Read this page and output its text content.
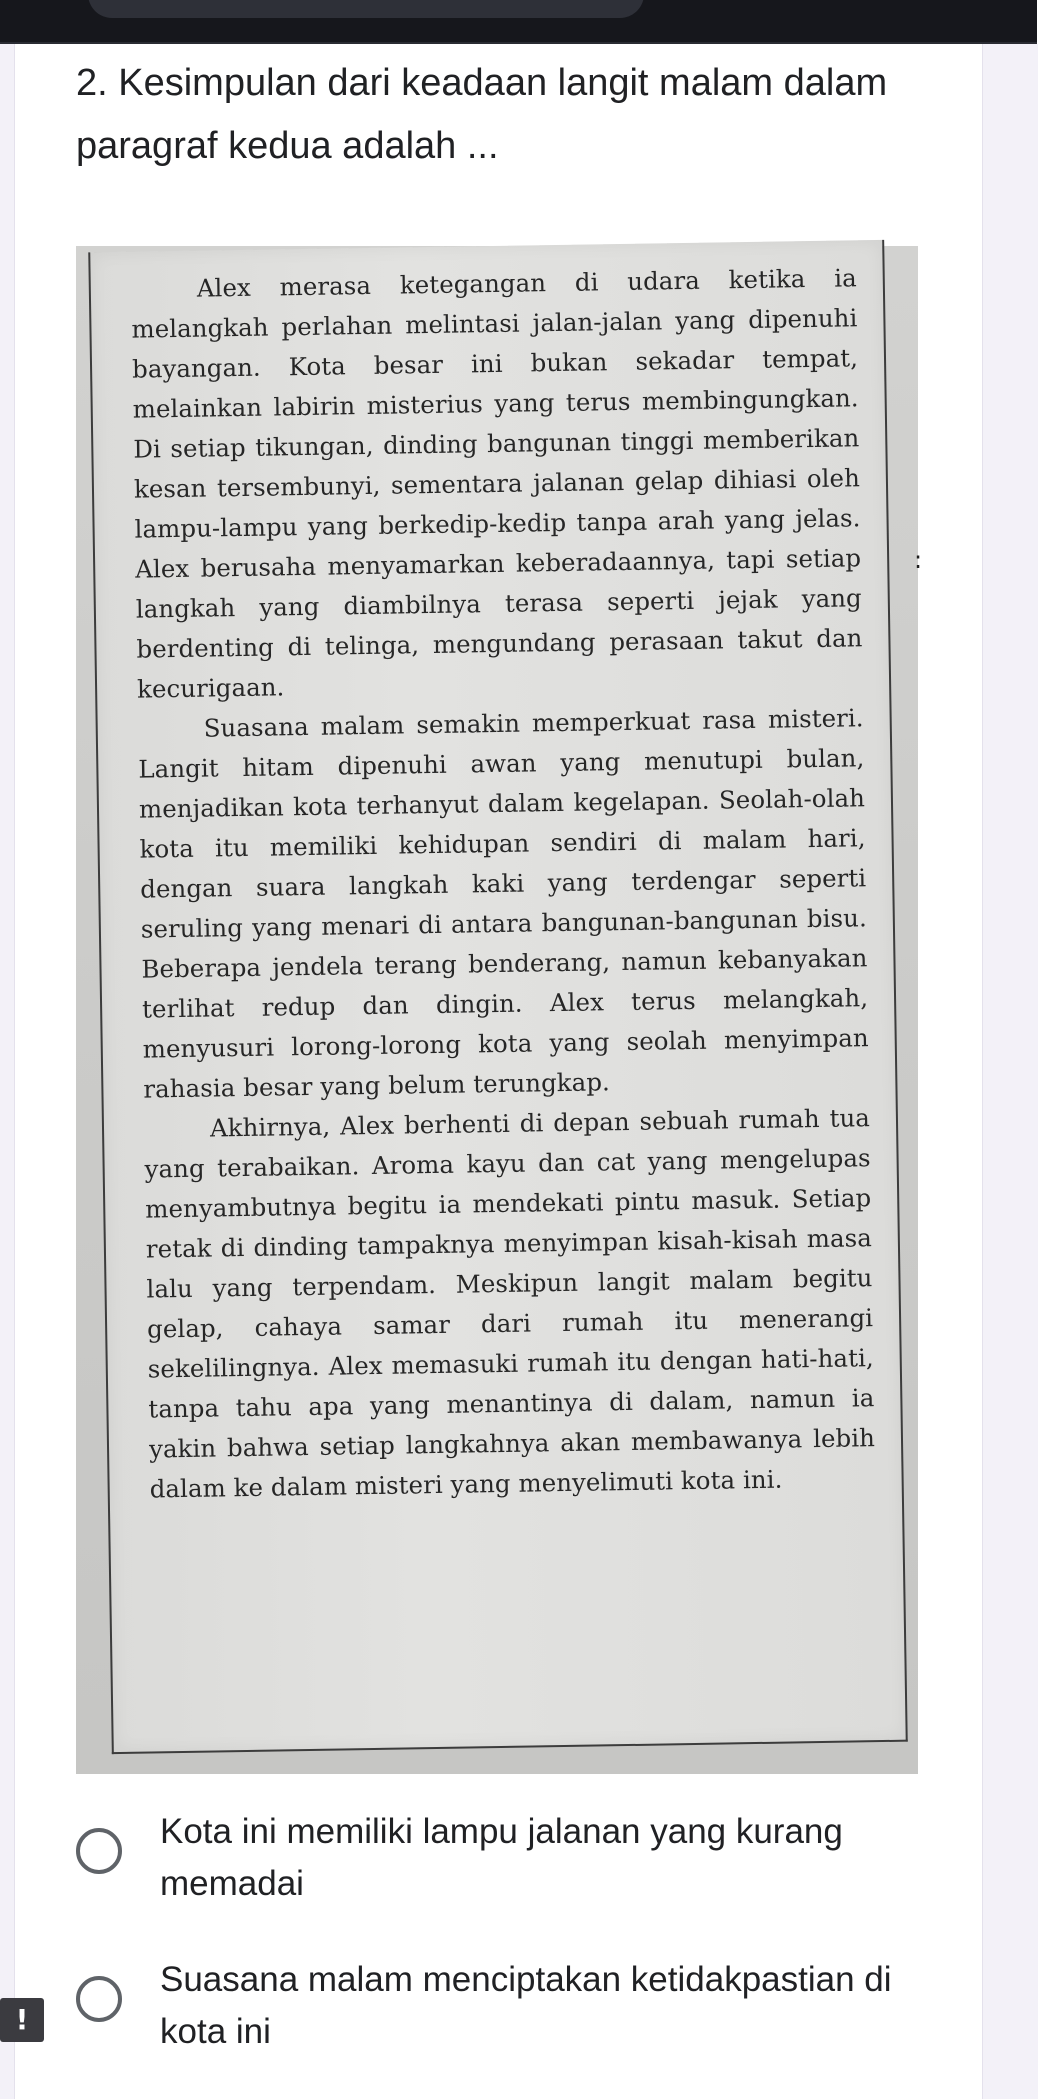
2. Kesimpulan dari keadaan langit malam dalam paragraf kedua adalah ...

Alex merasa ketegangan di udara ketika ia melangkah perlahan melintasi jalan-jalan yang dipenuhi bayangan. Kota besar ini bukan sekadar tempat, melainkan labirin misterius yang terus membingungkan. Di setiap tikungan, dinding bangunan tinggi memberikan kesan tersembunyi, sementara jalanan gelap dihiasi oleh lampu-lampu yang berkedip-kedip tanpa arah yang jelas. Alex berusaha menyamarkan keberadaannya, tapi setiap langkah yang diambilnya terasa seperti jejak yang berdenting di telinga, mengundang perasaan takut dan kecurigaan.

Suasana malam semakin memperkuat rasa misteri. Langit hitam dipenuhi awan yang menutupi bulan, menjadikan kota terhanyut dalam kegelapan. Seolah-olah kota itu memiliki kehidupan sendiri di malam hari, dengan suara langkah kaki yang terdengar seperti seruling yang menari di antara bangunan-bangunan bisu. Beberapa jendela terang benderang, namun kebanyakan terlihat redup dan dingin. Alex terus melangkah, menyusuri lorong-lorong kota yang seolah menyimpan rahasia besar yang belum terungkap.

Akhirnya, Alex berhenti di depan sebuah rumah tua yang terabaikan. Aroma kayu dan cat yang mengelupas menyambutnya begitu ia mendekati pintu masuk. Setiap retak di dinding tampaknya menyimpan kisah-kisah masa lalu yang terpendam. Meskipun langit malam begitu gelap, cahaya samar dari rumah itu menerangi sekelilingnya. Alex memasuki rumah itu dengan hati-hati, tanpa tahu apa yang menantinya di dalam, namun ia yakin bahwa setiap langkahnya akan membawanya lebih dalam ke dalam misteri yang menyelimuti kota ini.

:
Kota ini memiliki lampu jalanan yang kurang memadai
Suasana malam menciptakan ketidakpastian di kota ini
!
